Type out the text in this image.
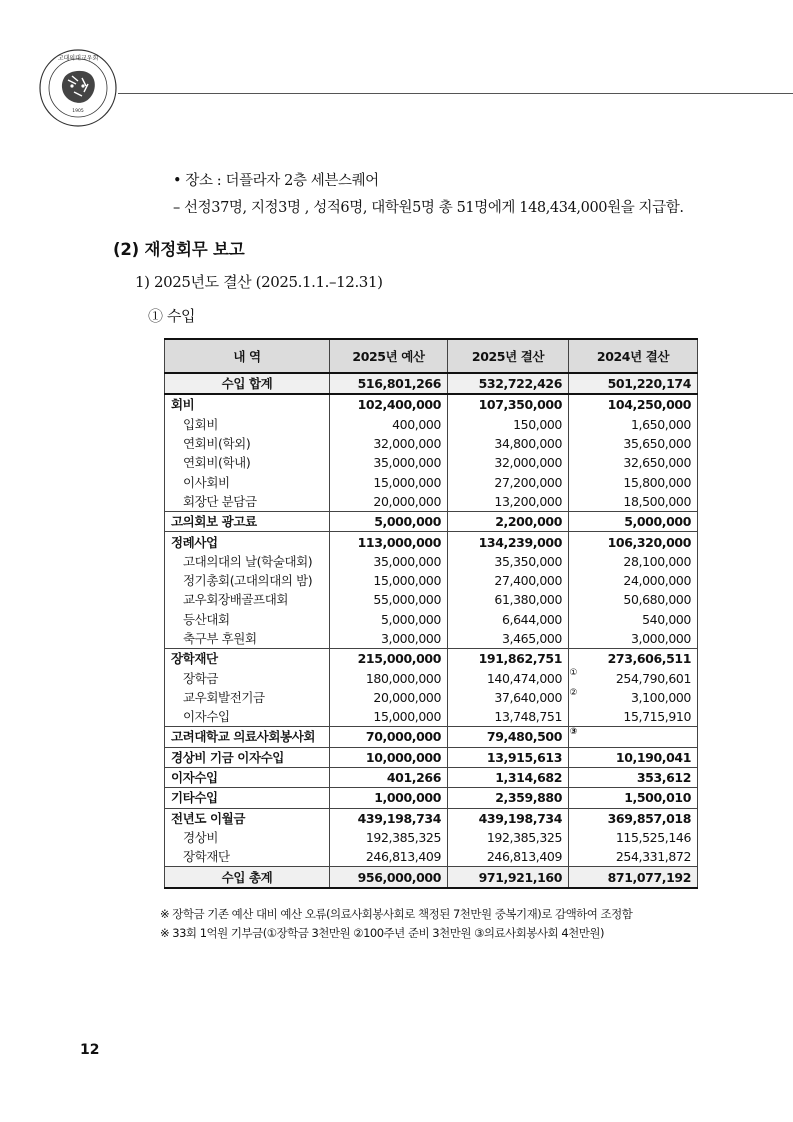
고대의대교우회
1905
• 장소 : 더플라자 2층 세븐스퀘어
– 선정37명, 지정3명 , 성적6명, 대학원5명 총 51명에게 148,434,000원을 지급함.
(2) 재정회무 보고
1) 2025년도 결산 (2025.1.1.–12.31)
① 수입
내 역	2025년 예산	2025년 결산	2024년 결산
수입 합계	516,801,266	532,722,426	501,220,174
회비	102,400,000	107,350,000	104,250,000
입회비	400,000	150,000	1,650,000
연회비(학외)	32,000,000	34,800,000	35,650,000
연회비(학내)	35,000,000	32,000,000	32,650,000
이사회비	15,000,000	27,200,000	15,800,000
회장단 분담금	20,000,000	13,200,000	18,500,000
고의회보 광고료	5,000,000	2,200,000	5,000,000
정례사업	113,000,000	134,239,000	106,320,000
고대의대의 날(학술대회)	35,000,000	35,350,000	28,100,000
정기총회(고대의대의 밤)	15,000,000	27,400,000	24,000,000
교우회장배골프대회	55,000,000	61,380,000	50,680,000
등산대회	5,000,000	6,644,000	540,000
축구부 후원회	3,000,000	3,465,000	3,000,000
장학재단	215,000,000	191,862,751	273,606,511
장학금	180,000,000	140,474,000 ①	254,790,601
교우회발전기금	20,000,000	37,640,000 ②	3,100,000
이자수입	15,000,000	13,748,751	15,715,910
고려대학교 의료사회봉사회	70,000,000	79,480,500 ③	

경상비 기금 이자수입	10,000,000	13,915,613	10,190,041
이자수입	401,266	1,314,682	353,612
기타수입	1,000,000	2,359,880	1,500,010
전년도 이월금	439,198,734	439,198,734	369,857,018
경상비	192,385,325	192,385,325	115,525,146
장학재단	246,813,409	246,813,409	254,331,872
수입 총계	956,000,000	971,921,160	871,077,192
※ 장학금 기존 예산 대비 예산 오류(의료사회봉사회로 책정된 7천만원 중복기재)로 감액하여 조정함
※ 33회 1억원 기부금(①장학금 3천만원 ②100주년 준비 3천만원 ③의료사회봉사회 4천만원)
12
